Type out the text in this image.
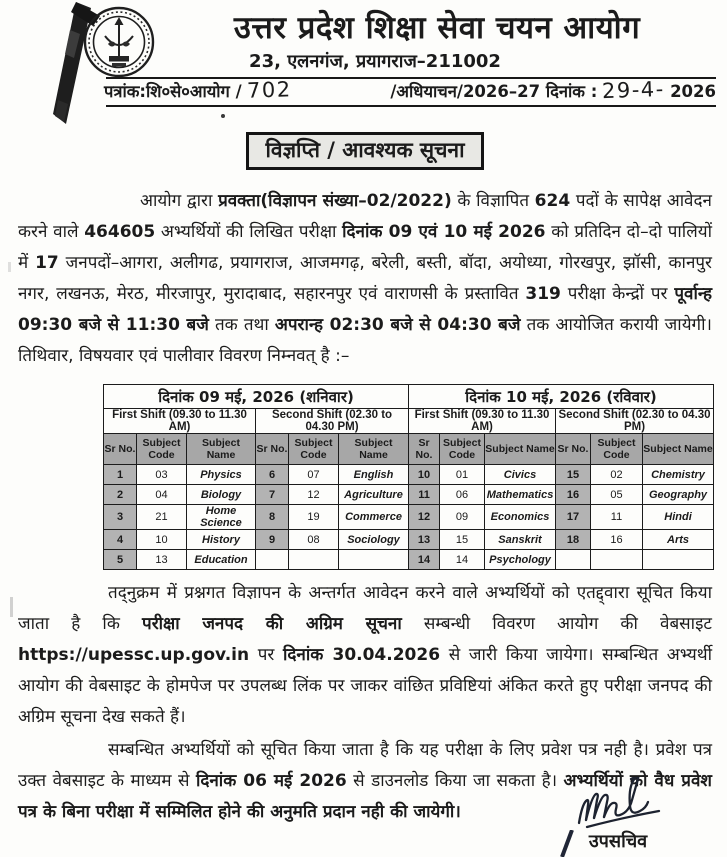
उत्तर प्रदेश शिक्षा सेवा चयन आयोग
23, एलनगंज, प्रयागराज–211002
पत्रांक:शि०से०आयोग / 702	/अधियाचन/2026–27 दिनांक : 29-4- 2026
विज्ञप्ति / आवश्यक सूचना

आयोग द्वारा प्रवक्ता(विज्ञापन संख्या–02/2022) के विज्ञापित 624 पदों के सापेक्ष आवेदन करने वाले 464605 अभ्यर्थियों की लिखित परीक्षा दिनांक 09 एवं 10 मई 2026 को प्रतिदिन दो–दो पालियों में 17 जनपदों–आगरा, अलीगढ, प्रयागराज, आजमगढ़, बरेली, बस्ती, बॉदा, अयोध्या, गोरखपुर, झॉसी, कानपुर नगर, लखनऊ, मेरठ, मीरजापुर, मुरादाबाद, सहारनपुर एवं वाराणसी के प्रस्तावित 319 परीक्षा केन्द्रों पर पूर्वान्ह 09:30 बजे से 11:30 बजे तक तथा अपरान्ह 02:30 बजे से 04:30 बजे तक आयोजित करायी जायेगी। तिथिवार, विषयवार एवं पालीवार विवरण निम्नवत् है :–

दिनांक 09 मई, 2026 (शनिवार)						दिनांक 10 मई, 2026 (रविवार)					
First Shift (09.30 to 11.30 AM)			Second Shift (02.30 to 04.30 PM)			First Shift (09.30 to 11.30 AM)			Second Shift (02.30 to 04.30 PM)		
Sr No.	Subject Code	Subject Name	Sr No.	Subject Code	Subject Name	Sr No.	Subject Code	Subject Name	Sr No.	Subject Code	Subject Name
1	03	Physics	6	07	English	10	01	Civics	15	02	Chemistry
2	04	Biology	7	12	Agriculture	11	06	Mathematics	16	05	Geography
3	21	Home Science	8	19	Commerce	12	09	Economics	17	11	Hindi
4	10	History	9	08	Sociology	13	15	Sanskrit	18	16	Arts
5	13	Education				14	14	Psychology			

तद्नुक्रम में प्रश्नगत विज्ञापन के अन्तर्गत आवेदन करने वाले अभ्यर्थियों को एतद्द्वारा सूचित किया जाता है कि परीक्षा जनपद की अग्रिम सूचना सम्बन्धी विवरण आयोग की वेबसाइट https://upessc.up.gov.in पर दिनांक 30.04.2026 से जारी किया जायेगा। सम्बन्धित अभ्यर्थी आयोग की वेबसाइट के होमपेज पर उपलब्ध लिंक पर जाकर वांछित प्रविष्टियां अंकित करते हुए परीक्षा जनपद की अग्रिम सूचना देख सकते हैं।

सम्बन्धित अभ्यर्थियों को सूचित किया जाता है कि यह परीक्षा के लिए प्रवेश पत्र नही है। प्रवेश पत्र उक्त वेबसाइट के माध्यम से दिनांक 06 मई 2026 से डाउनलोड किया जा सकता है। अभ्यर्थियों को वैध प्रवेश पत्र के बिना परीक्षा में सम्मिलित होने की अनुमति प्रदान नही की जायेगी।

उपसचिव
